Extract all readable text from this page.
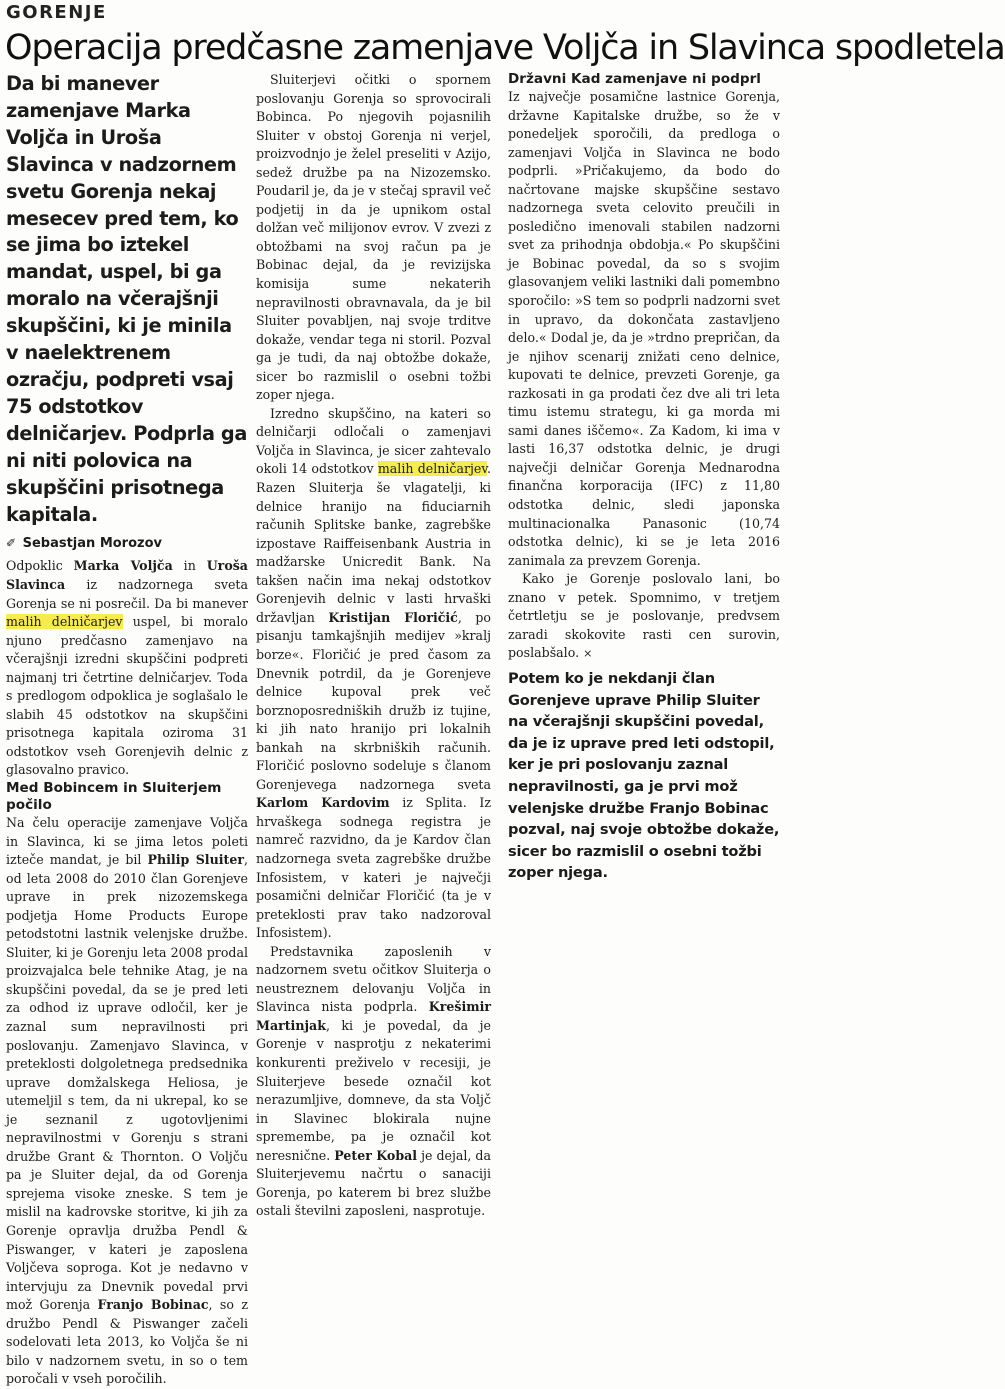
GORENJE
Operacija predčasne zamenjave Voljča in Slavinca spodletela
Da bi manever zamenjave Marka Voljča in Uroša Slavinca v nadzornem svetu Gorenja nekaj mesecev pred tem, ko se jima bo iztekel mandat, uspel, bi ga moralo na včerajšnji skupščini, ki je minila v naelektrenem ozračju, podpreti vsaj 75 odstotkov delničarjev. Podprla ga ni niti polovica na skupščini prisotnega kapitala.
✐ Sebastjan Morozov

Odpoklic Marka Voljča in Uroša Slavinca iz nadzornega sveta Gorenja se ni posrečil. Da bi manever malih delničarjev uspel, bi moralo njuno predčasno zamenjavo na včerajšnji izredni skupščini podpreti najmanj tri četrtine delničarjev. Toda s predlogom odpoklica je soglašalo le slabih 45 odstotkov na skupščini prisotnega kapitala oziroma 31 odstotkov vseh Gorenjevih delnic z glasovalno pravico.

Med Bobincem in Sluiterjem počilo

Na čelu operacije zamenjave Voljča in Slavinca, ki se jima letos poleti izteče mandat, je bil Philip Sluiter, od leta 2008 do 2010 član Gorenjeve uprave in prek nizozemskega podjetja Home Products Europe petodstotni lastnik velenjske družbe. Sluiter, ki je Gorenju leta 2008 prodal proizvajalca bele tehnike Atag, je na skupščini povedal, da se je pred leti za odhod iz uprave odločil, ker je zaznal sum nepravilnosti pri poslovanju. Zamenjavo Slavinca, v preteklosti dolgoletnega predsednika uprave domžalskega Heliosa, je utemeljil s tem, da ni ukrepal, ko se je seznanil z ugotovljenimi nepravilnostmi v Gorenju s strani družbe Grant & Thornton. O Voljču pa je Sluiter dejal, da od Gorenja sprejema visoke zneske. S tem je mislil na kadrovske storitve, ki jih za Gorenje opravlja družba Pendl & Piswanger, v kateri je zaposlena Voljčeva soproga. Kot je nedavno v intervjuju za Dnevnik povedal prvi mož Gorenja Franjo Bobinac, so z družbo Pendl & Piswanger začeli sodelovati leta 2013, ko Voljča še ni bilo v nadzornem svetu, in so o tem poročali v vseh poročilih.

Sluiterjevi očitki o spornem poslovanju Gorenja so sprovocirali Bobinca. Po njegovih pojasnilih Sluiter v obstoj Gorenja ni verjel, proizvodnjo je želel preseliti v Azijo, sedež družbe pa na Nizozemsko. Poudaril je, da je v stečaj spravil več podjetij in da je upnikom ostal dolžan več milijonov evrov. V zvezi z obtožbami na svoj račun pa je Bobinac dejal, da je revizijska komisija sume nekaterih nepravilnosti obravnavala, da je bil Sluiter povabljen, naj svoje trditve dokaže, vendar tega ni storil. Pozval ga je tudi, da naj obtožbe dokaže, sicer bo razmislil o osebni tožbi zoper njega.

Izredno skupščino, na kateri so delničarji odločali o zamenjavi Voljča in Slavinca, je sicer zahtevalo okoli 14 odstotkov malih delničarjev. Razen Sluiterja še vlagatelji, ki delnice hranijo na fiduciarnih računih Splitske banke, zagrebške izpostave Raiffeisenbank Austria in madžarske Unicredit Bank. Na takšen način ima nekaj odstotkov Gorenjevih delnic v lasti hrvaški državljan Kristijan Floričić, po pisanju tamkajšnjih medijev »kralj borze«. Floričić je pred časom za Dnevnik potrdil, da je Gorenjeve delnice kupoval prek več borznoposredniških družb iz tujine, ki jih nato hranijo pri lokalnih bankah na skrbniških računih. Floričić poslovno sodeluje s članom Gorenjevega nadzornega sveta Karlom Kardovim iz Splita. Iz hrvaškega sodnega registra je namreč razvidno, da je Kardov član nadzornega sveta zagrebške družbe Infosistem, v kateri je največji posamični delničar Floričić (ta je v preteklosti prav tako nadzoroval Infosistem).

Predstavnika zaposlenih v nadzornem svetu očitkov Sluiterja o neustreznem delovanju Voljča in Slavinca nista podprla. Krešimir Martinjak, ki je povedal, da je Gorenje v nasprotju z nekaterimi konkurenti preživelo v recesiji, je Sluiterjeve besede označil kot nerazumljive, domneve, da sta Voljč in Slavinec blokirala nujne spremembe, pa je označil kot neresnične. Peter Kobal je dejal, da Sluiterjevemu načrtu o sanaciji Gorenja, po katerem bi brez službe ostali številni zaposleni, nasprotuje.

Državni Kad zamenjave ni podprl

Iz največje posamične lastnice Gorenja, državne Kapitalske družbe, so že v ponedeljek sporočili, da predloga o zamenjavi Voljča in Slavinca ne bodo podprli. »Pričakujemo, da bodo do načrtovane majske skupščine sestavo nadzornega sveta celovito preučili in posledično imenovali stabilen nadzorni svet za prihodnja obdobja.« Po skupščini je Bobinac povedal, da so s svojim glasovanjem veliki lastniki dali pomembno sporočilo: »S tem so podprli nadzorni svet in upravo, da dokončata zastavljeno delo.« Dodal je, da je »trdno prepričan, da je njihov scenarij znižati ceno delnice, kupovati te delnice, prevzeti Gorenje, ga razkosati in ga prodati čez dve ali tri leta timu istemu strategu, ki ga morda mi sami danes iščemo«. Za Kadom, ki ima v lasti 16,37 odstotka delnic, je drugi največji delničar Gorenja Mednarodna finančna korporacija (IFC) z 11,80 odstotka delnic, sledi japonska multinacionalka Panasonic (10,74 odstotka delnic), ki se je leta 2016 zanimala za prevzem Gorenja.

Kako je Gorenje poslovalo lani, bo znano v petek. Spomnimo, v tretjem četrtletju se je poslovanje, predvsem zaradi skokovite rasti cen surovin, poslabšalo. ×

Potem ko je nekdanji član Gorenjeve uprave Philip Sluiter na včerajšnji skupščini povedal, da je iz uprave pred leti odstopil, ker je pri poslovanju zaznal nepravilnosti, ga je prvi mož velenjske družbe Franjo Bobinac pozval, naj svoje obtožbe dokaže, sicer bo razmislil o osebni tožbi zoper njega.
